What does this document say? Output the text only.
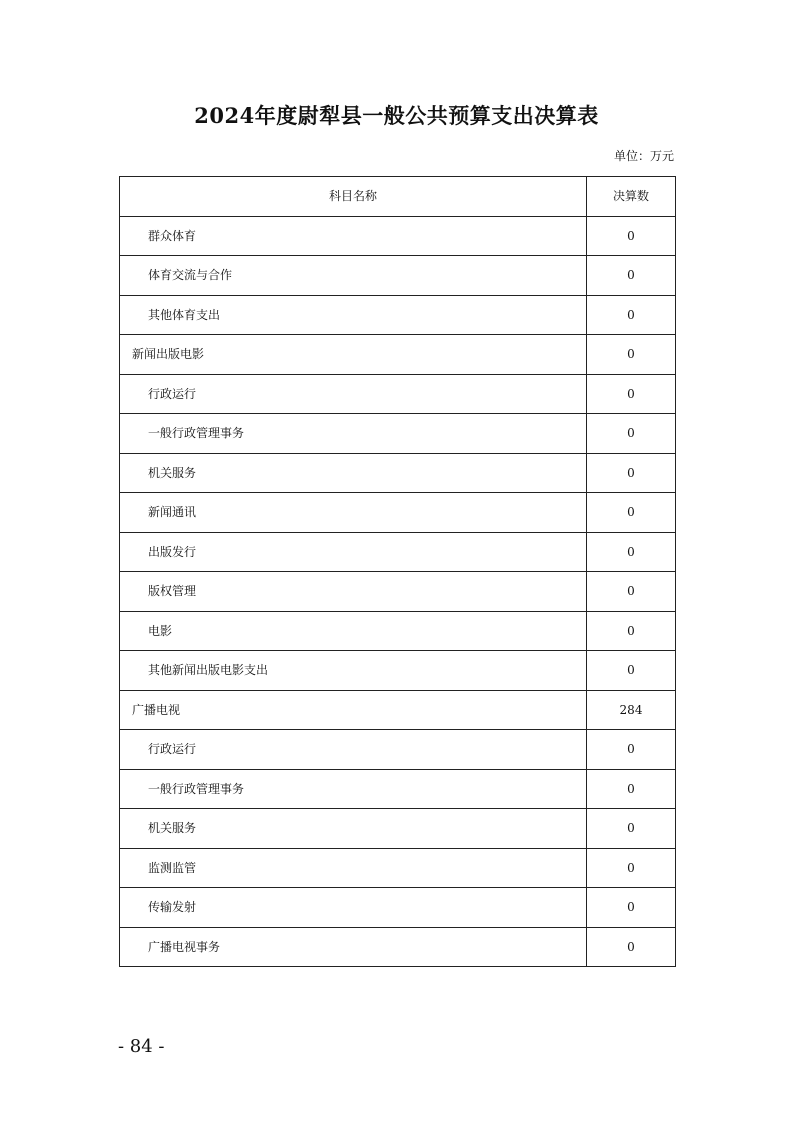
2024年度尉犁县一般公共预算支出决算表
单位：万元
科目名称	决算数
群众体育	0
体育交流与合作	0
其他体育支出	0
新闻出版电影	0
行政运行	0
一般行政管理事务	0
机关服务	0
新闻通讯	0
出版发行	0
版权管理	0
电影	0
其他新闻出版电影支出	0
广播电视	284
行政运行	0
一般行政管理事务	0
机关服务	0
监测监管	0
传输发射	0
广播电视事务	0
- 84 -
